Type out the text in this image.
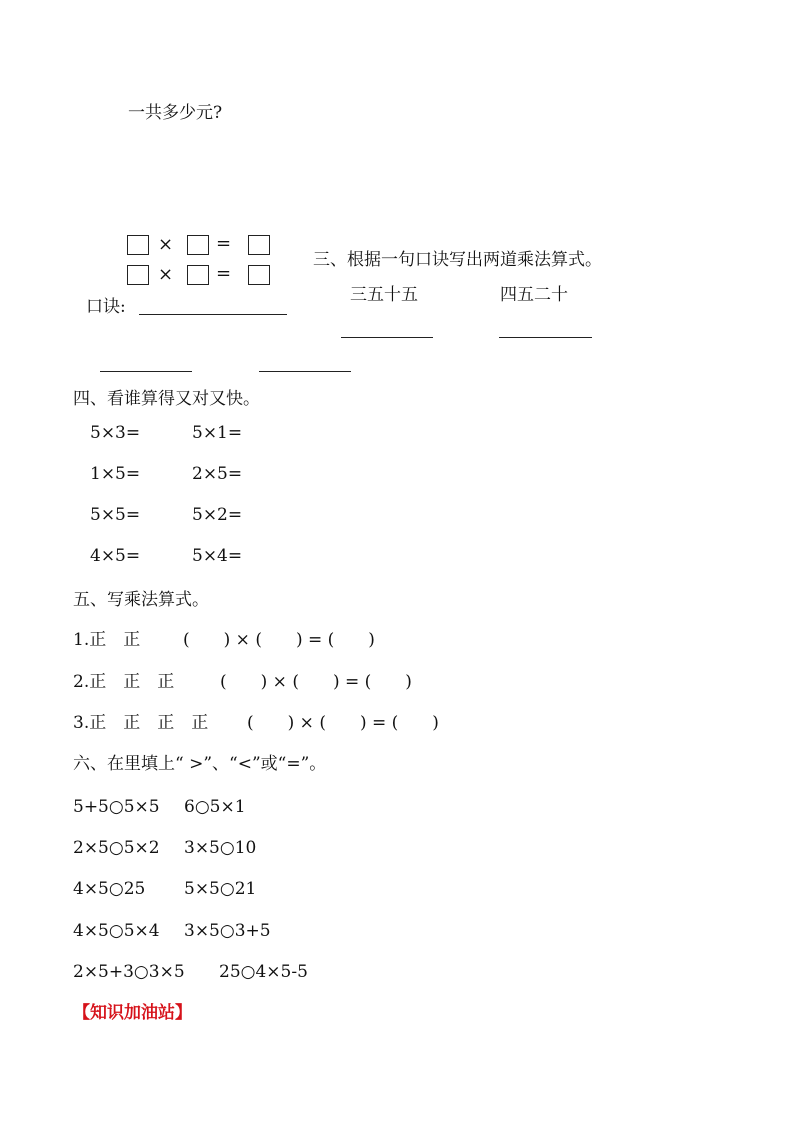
一共多少元?
× =
× =
口诀:
三、根据一句口诀写出两道乘法算式。
三五十五	四五二十
四、看谁算得又对又快。
5×3=	5×1=
1×5=	2×5=
5×5=	5×2=
4×5=	5×4=
五、写乘法算式。
1.正　正	(　　) × (　　) = (　　)
2.正　正　正	(　　) × (　　) = (　　)
3.正　正　正　正 (　　) × (　　) = (　　)
六、在里填上“ >”、“<”或“=”。
5+5○5×5 6○5×1
2×5○5×2 3×5○10
4×5○25 5×5○21
4×5○5×4 3×5○3+5
2×5+3○3×5 25○4×5-5
【知识加油站】
